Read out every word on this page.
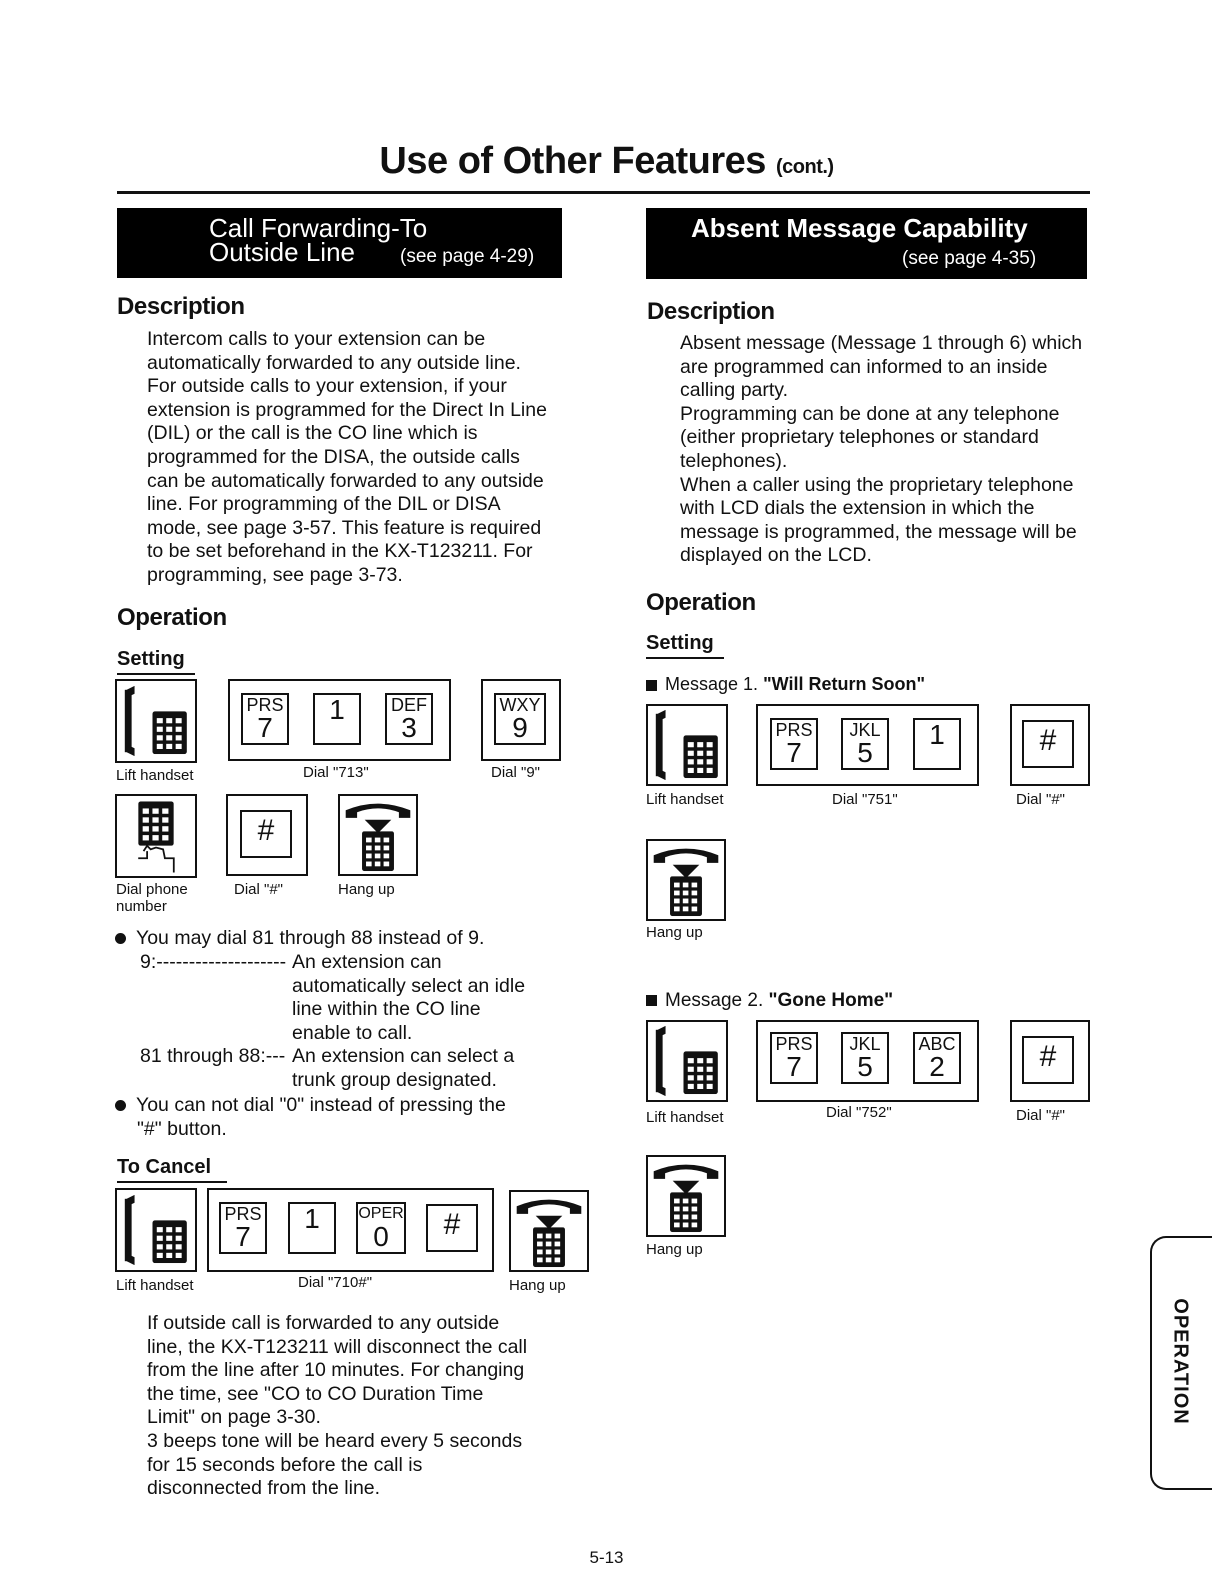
Use of Other Features (cont.)
Call Forwarding-To
Outside Line (see page 4-29)
Description

Intercom calls to your extension can be

automatically forwarded to any outside line.

For outside calls to your extension, if your

extension is programmed for the Direct In Line

(DIL) or the call is the CO line which is

programmed for the DISA, the outside calls

can be automatically forwarded to any outside

line. For programming of the DIL or DISA

mode, see page 3-57. This feature is required

to be set beforehand in the KX-T123211. For

programming, see page 3-73.

Operation
Setting
PRS
7
1	DEF
3
WXY
9
Lift handset	Dial "713"	Dial "9"
#
Dial phone
number
Dial "#"	Hang up
You may dial 81 through 88 instead of 9.
9:-------------------- An extension can
automatically select an idle
line within the CO line
enable to call.
81 through 88:--- An extension can select a
trunk group designated.
You can not dial "0" instead of pressing the
"#" button.
To Cancel
PRS
7
1	OPER
0	#
Lift handset	Dial "710#"	Hang up

If outside call is forwarded to any outside

line, the KX-T123211 will disconnect the call

from the line after 10 minutes. For changing

the time, see "CO to CO Duration Time

Limit" on page 3-30.

3 beeps tone will be heard every 5 seconds

for 15 seconds before the call is

disconnected from the line.

Absent Message Capability
(see page 4-35)
Description

Absent message (Message 1 through 6) which

are programmed can informed to an inside

calling party.

Programming can be done at any telephone

(either proprietary telephones or standard

telephones).

When a caller using the proprietary telephone

with LCD dials the extension in which the

message is programmed, the message will be

displayed on the LCD.

Operation
Setting
Message 1. "Will Return Soon"
PRS
7
JKL
5
1	#
Lift handset	Dial "751"	Dial "#"
Hang up
Message 2. "Gone Home"
PRS
7
JKL
5
ABC
2	#
Lift handset	Dial "752"	Dial "#"
Hang up
OPERATION
5-13
